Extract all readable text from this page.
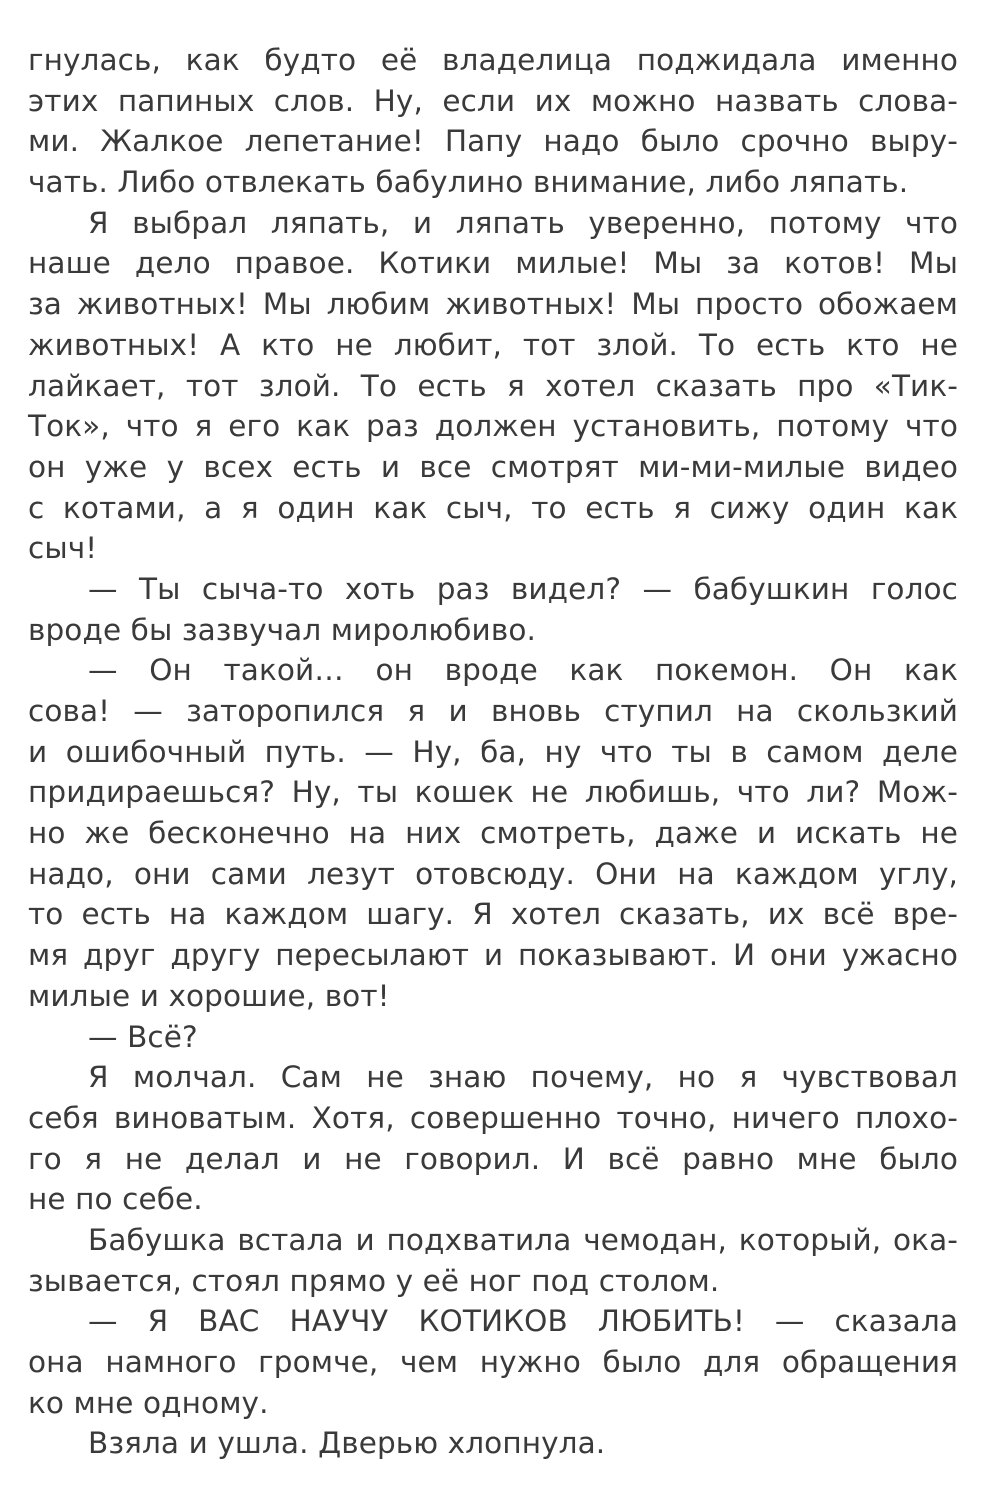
гнулась, как будто её владелица поджидала именно
этих папиных слов. Ну, если их можно назвать слова-
ми. Жалкое лепетание! Папу надо было срочно выру-
чать. Либо отвлекать бабулино внимание, либо ляпать.
Я выбрал ляпать, и ляпать уверенно, потому что
наше дело правое. Котики милые! Мы за котов! Мы
за животных! Мы любим животных! Мы просто обожаем
животных! А кто не любит, тот злой. То есть кто не
лайкает, тот злой. То есть я хотел сказать про «Тик-
Ток», что я его как раз должен установить, потому что
он уже у всех есть и все смотрят ми-ми-милые видео
с котами, а я один как сыч, то есть я сижу один как
сыч!
— Ты сыча-то хоть раз видел? — бабушкин голос
вроде бы зазвучал миролюбиво.
— Он такой… он вроде как покемон. Он как
сова! — заторопился я и вновь ступил на скользкий
и ошибочный путь. — Ну, ба, ну что ты в самом деле
придираешься? Ну, ты кошек не любишь, что ли? Мож-
но же бесконечно на них смотреть, даже и искать не
надо, они сами лезут отовсюду. Они на каждом углу,
то есть на каждом шагу. Я хотел сказать, их всё вре-
мя друг другу пересылают и показывают. И они ужасно
милые и хорошие, вот!
— Всё?
Я молчал. Сам не знаю почему, но я чувствовал
себя виноватым. Хотя, совершенно точно, ничего плохо-
го я не делал и не говорил. И всё равно мне было
не по себе.
Бабушка встала и подхватила чемодан, который, ока-
зывается, стоял прямо у её ног под столом.
— Я ВАС НАУЧУ КОТИКОВ ЛЮБИТЬ! — сказала
она намного громче, чем нужно было для обращения
ко мне одному.
Взяла и ушла. Дверью хлопнула.
